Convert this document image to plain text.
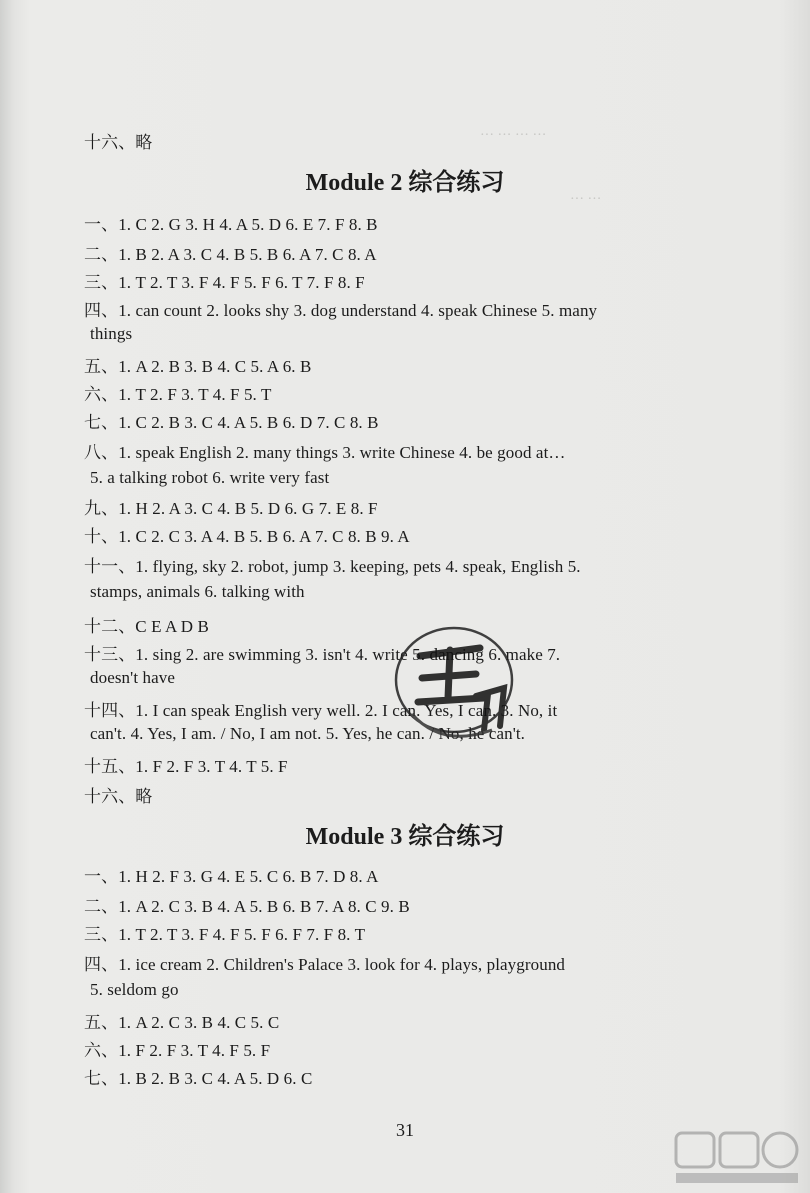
··· ··· ··· ···
··· ···
十六、略
Module 2 综合练习
一、1. C 2. G 3. H 4. A 5. D 6. E 7. F 8. B
二、1. B 2. A 3. C 4. B 5. B 6. A 7. C 8. A
三、1. T 2. T 3. F 4. F 5. F 6. T 7. F 8. F
四、1. can count 2. looks shy 3. dog understand 4. speak Chinese 5. many
things
五、1. A 2. B 3. B 4. C 5. A 6. B
六、1. T 2. F 3. T 4. F 5. T
七、1. C 2. B 3. C 4. A 5. B 6. D 7. C 8. B
八、1. speak English 2. many things 3. write Chinese 4. be good at…
5. a talking robot 6. write very fast
九、1. H 2. A 3. C 4. B 5. D 6. G 7. E 8. F
十、1. C 2. C 3. A 4. B 5. B 6. A 7. C 8. B 9. A
十一、1. flying, sky 2. robot, jump 3. keeping, pets 4. speak, English 5.
stamps, animals 6. talking with
十二、C E A D B
十三、1. sing 2. are swimming 3. isn't 4. write 5. dancing 6. make 7.
doesn't have
十四、1. I can speak English very well. 2. I can. Yes, I can. 3. No, it
can't. 4. Yes, I am. / No, I am not. 5. Yes, he can. / No, he can't.
十五、1. F 2. F 3. T 4. T 5. F
十六、略
Module 3 综合练习
一、1. H 2. F 3. G 4. E 5. C 6. B 7. D 8. A
二、1. A 2. C 3. B 4. A 5. B 6. B 7. A 8. C 9. B
三、1. T 2. T 3. F 4. F 5. F 6. F 7. F 8. T
四、1. ice cream 2. Children's Palace 3. look for 4. plays, playground
5. seldom go
五、1. A 2. C 3. B 4. C 5. C
六、1. F 2. F 3. T 4. F 5. F
七、1. B 2. B 3. C 4. A 5. D 6. C
31
